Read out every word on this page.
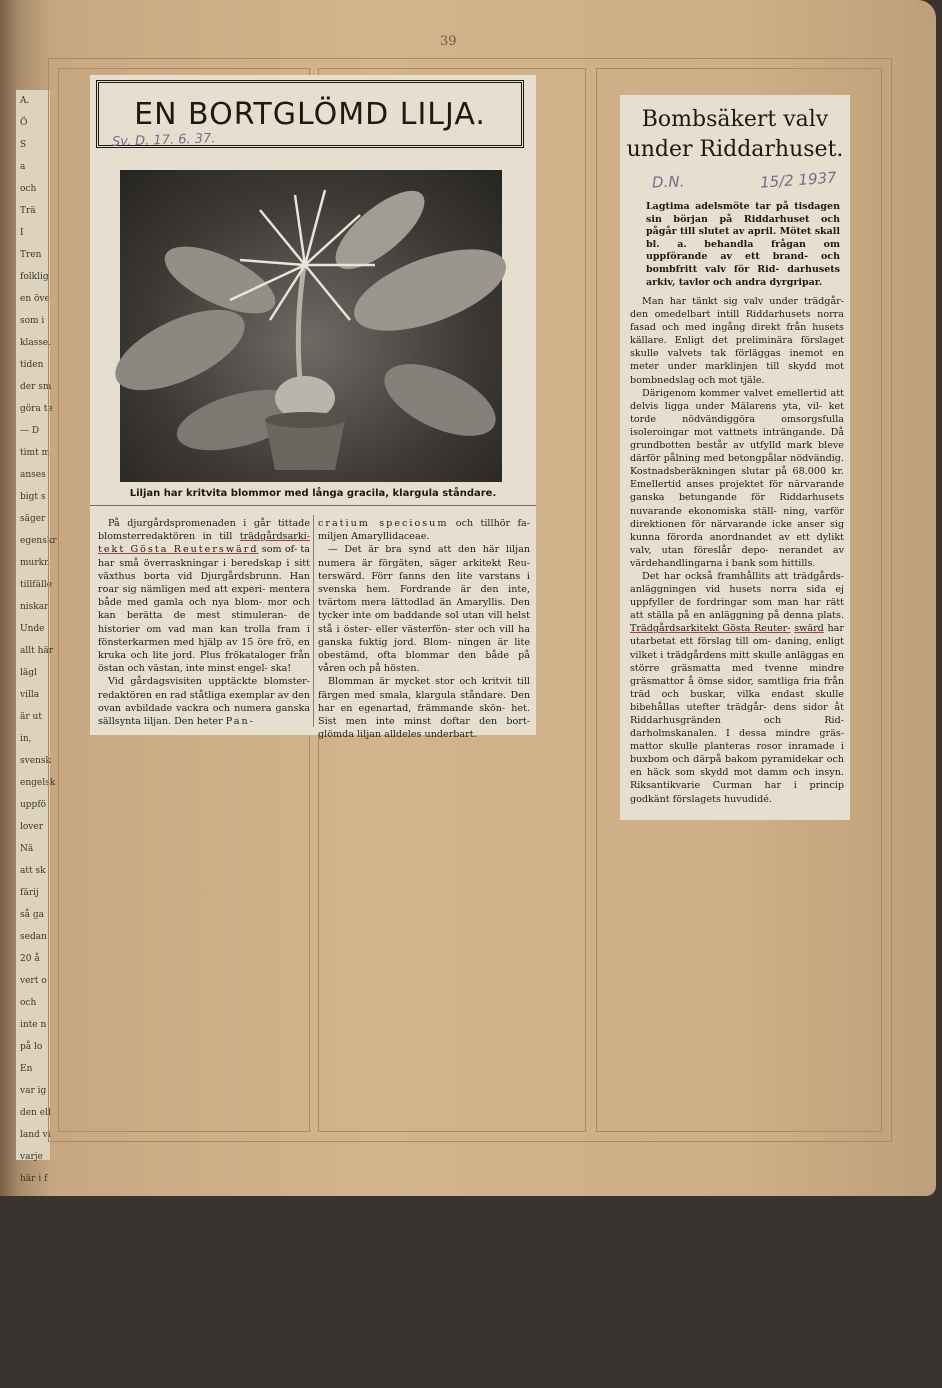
A.
Ö
S
a
och
Trä
I
Tren
folklig
en öve
som i
klasse.
tiden
der sm
göra te
— D
timt m
anses
bigt s
säger
egenskr
murkn
tillfälle
niskar
Unde
allt här
lägl
villa
är ut
in,
svensk
engelsk
uppfö
lover
Nä
att sk
färij
så ga
sedan
20 å
vert o
och
inte n
på lo
En
var ig
den ell
land vi
varje
här i f
Det
den u
från d
vår ko
rekomn
mags.
lilla öv
bunder
Ma
39
EN BORTGLÖMD LILJA.
Sv. D. 17. 6. 37.
Liljan har kritvita blommor med långa gracila, klargula ståndare.

På djurgårdspromenaden i går tittade blomsterredaktören in till trädgårdsarki- tekt Gösta Reuterswärd som of- ta har små överraskningar i beredskap i sitt växthus borta vid Djurgårdsbrunn. Han roar sig nämligen med att experi- mentera både med gamla och nya blom- mor och kan berätta de mest stimuleran- de historier om vad man kan trolla fram i fönsterkarmen med hjälp av 15 öre frö, en kruka och lite jord. Plus frökataloger från östan och västan, inte minst engel- ska!

Vid gårdagsvisiten upptäckte blomster- redaktören en rad ståtliga exemplar av den ovan avbildade vackra och numera ganska sällsynta liljan. Den heter Pan-

cratium speciosum och tillhör fa- miljen Amaryllidaceae.

— Det är bra synd att den här liljan numera är förgäten, säger arkitekt Reu- terswärd. Förr fanns den lite varstans i svenska hem. Fordrande är den inte, tvärtom mera lättodlad än Amaryllis. Den tycker inte om baddande sol utan vill helst stå i öster- eller västerfön- ster och vill ha ganska fuktig jord. Blom- ningen är lite obestämd, ofta blommar den både på våren och på hösten.

Blomman är mycket stor och kritvit till färgen med smala, klargula ståndare. Den har en egenartad, främmande skön- het. Sist men inte minst doftar den bort- glömda liljan alldeles underbart.

Bombsäkert valv
under Riddarhuset.
D.N.	15/2 1937
Lagtima adelsmöte tar på tisdagen sin början på Riddarhuset och pågår till slutet av april. Mötet skall bl. a. behandla frågan om uppförande av ett brand- och bombfritt valv för Rid- darhusets arkiv, tavlor och andra dyrgripar.

Man har tänkt sig valv under trädgår- den omedelbart intill Riddarhusets norra fasad och med ingång direkt från husets källare. Enligt det preliminära förslaget skulle valvets tak förläggas inemot en meter under marklinjen till skydd mot bombnedslag och mot tjäle.

Därigenom kommer valvet emellertid att delvis ligga under Mälarens yta, vil- ket torde nödvändiggöra omsorgsfulla isoleroingar mot vattnets inträngande. Då grundbotten består av utfylld mark bleve därför pålning med betongpålar nödvändig. Kostnadsberäkningen slutar på 68.000 kr. Emellertid anses projektet för närvarande ganska betungande för Riddarhusets nuvarande ekonomiska ställ- ning, varför direktionen för närvarande icke anser sig kunna förorda anordnandet av ett dylikt valv, utan föreslår depo- nerandet av värdehandlingarna i bank som hittills.

Det har också framhållits att trädgårds- anläggningen vid husets norra sida ej uppfyller de fordringar som man har rätt att ställa på en anläggning på denna plats. Trädgårdsarkitekt Gösta Reuter- swärd har utarbetat ett förslag till om- daning, enligt vilket i trädgårdens mitt skulle anläggas en större gräsmatta med tvenne mindre gräsmattor å ömse sidor, samtliga fria från träd och buskar, vilka endast skulle bibehållas utefter trädgår- dens sidor åt Riddarhusgränden och Rid- darholmskanalen. I dessa mindre gräs- mattor skulle planteras rosor inramade i buxbom och därpå bakom pyramidekar och en häck som skydd mot damm och insyn. Riksantikvarie Curman har i princip godkänt förslagets huvudidé.
